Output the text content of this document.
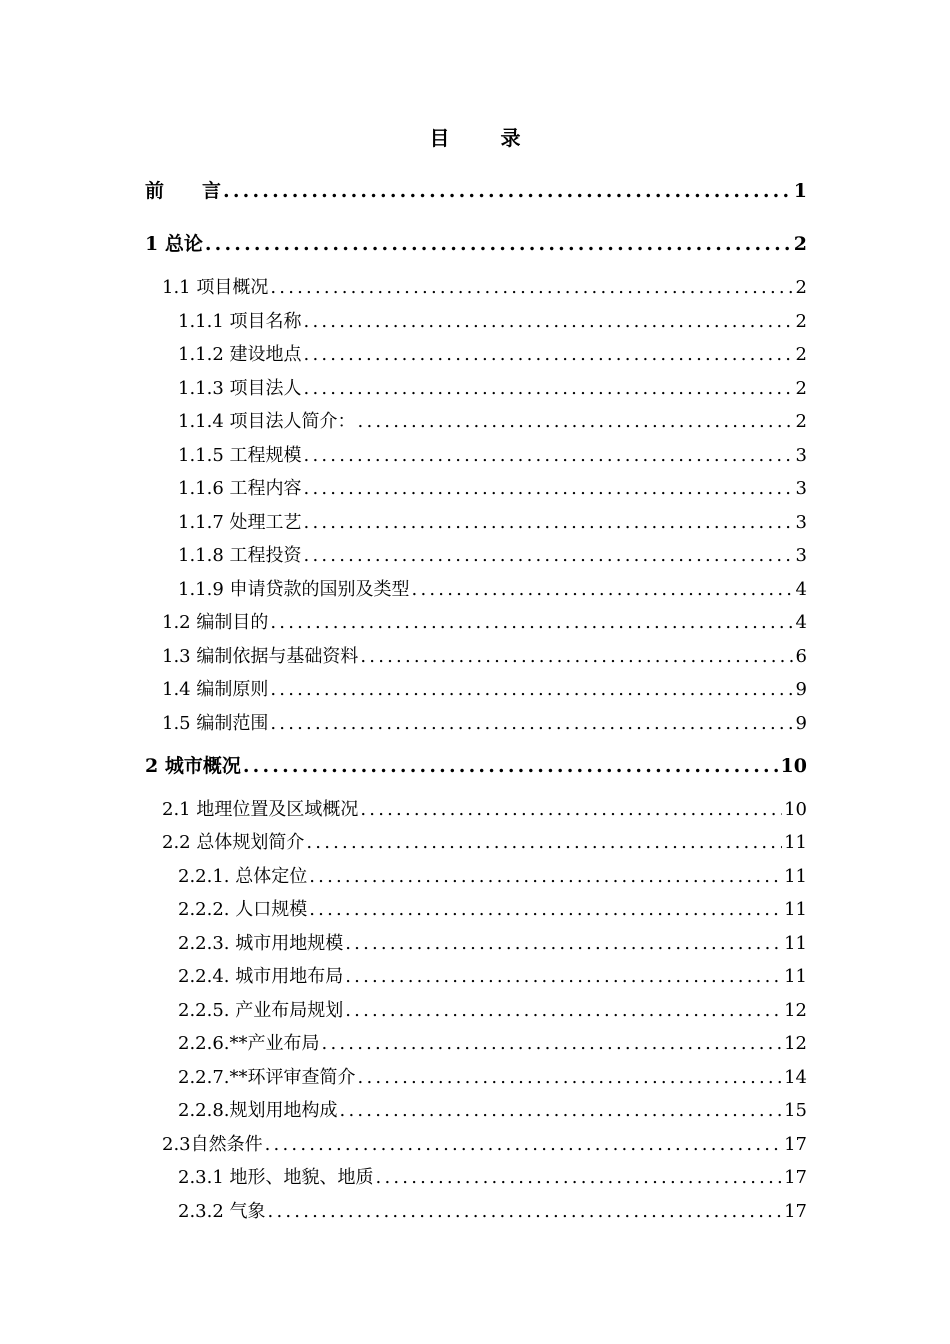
目 录
前　　言 .....	1
1 总论 .....	2
1.1 项目概况 .....	2
1.1.1 项目名称 .....	2
1.1.2 建设地点 .....	2
1.1.3 项目法人 .....	2
1.1.4 项目法人简介： .....	2
1.1.5 工程规模 .....	3
1.1.6 工程内容 .....	3
1.1.7 处理工艺 .....	3
1.1.8 工程投资 .....	3
1.1.9 申请贷款的国别及类型 .....	4
1.2 编制目的 .....	4
1.3 编制依据与基础资料 .....	6
1.4 编制原则 .....	9
1.5 编制范围 .....	9
2 城市概况 .....	10
2.1 地理位置及区域概况 .....	10
2.2 总体规划简介 .....	11
2.2.1. 总体定位 .....	11
2.2.2. 人口规模 .....	11
2.2.3. 城市用地规模 .....	11
2.2.4. 城市用地布局 .....	11
2.2.5. 产业布局规划 .....	12
2.2.6.**产业布局 .....	12
2.2.7.**环评审查简介 .....	14
2.2.8.规划用地构成 .....	15
2.3自然条件 .....	17
2.3.1 地形、地貌、地质 .....	17
2.3.2 气象 .....	17
